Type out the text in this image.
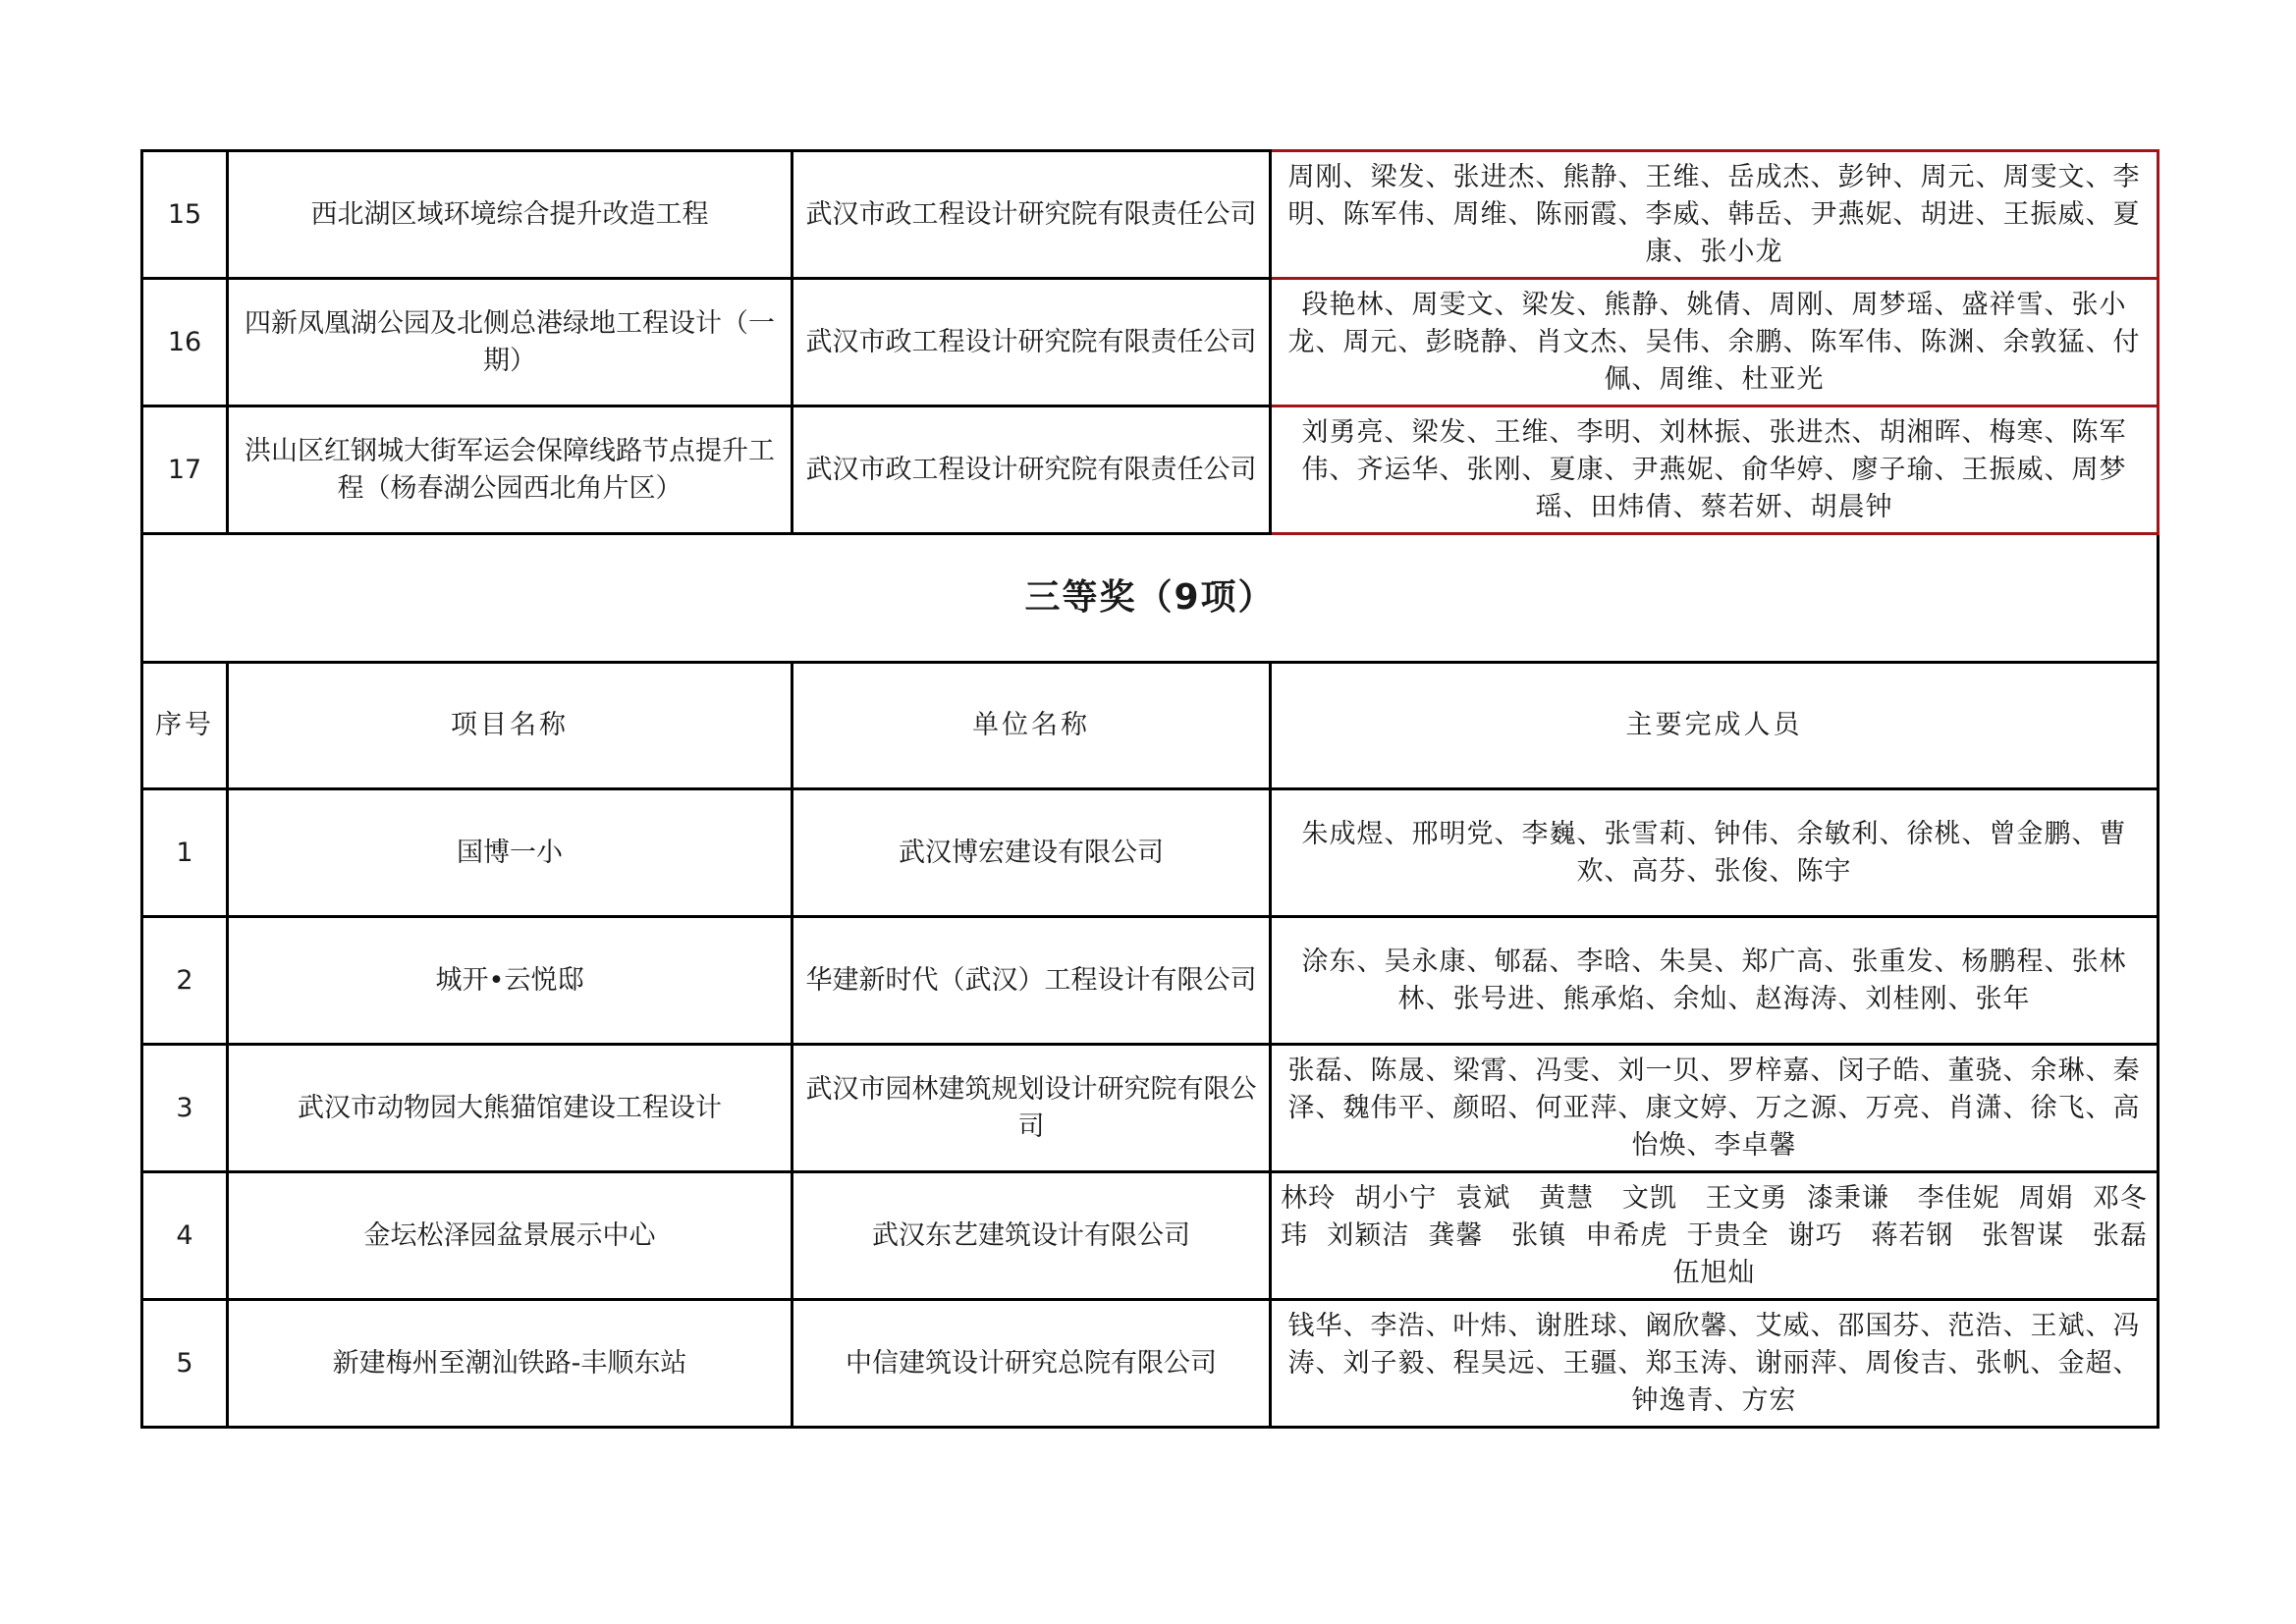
15	西北湖区域环境综合提升改造工程	武汉市政工程设计研究院有限责任公司	周刚、梁发、张进杰、熊静、王维、岳成杰、彭钟、周元、周雯文、李明、陈军伟、周维、陈丽霞、李威、韩岳、尹燕妮、胡进、王振威、夏康、张小龙
16	四新凤凰湖公园及北侧总港绿地工程设计（一期）	武汉市政工程设计研究院有限责任公司	段艳林、周雯文、梁发、熊静、姚倩、周刚、周梦瑶、盛祥雪、张小龙、周元、彭晓静、肖文杰、吴伟、余鹏、陈军伟、陈渊、余敦猛、付佩、周维、杜亚光
17	洪山区红钢城大街军运会保障线路节点提升工程（杨春湖公园西北角片区）	武汉市政工程设计研究院有限责任公司	刘勇亮、梁发、王维、李明、刘林振、张进杰、胡湘晖、梅寒、陈军伟、齐运华、张刚、夏康、尹燕妮、俞华婷、廖子瑜、王振威、周梦瑶、田炜倩、蔡若妍、胡晨钟
三等奖（9项）			
序号	项目名称	单位名称	主要完成人员
1	国博一小	武汉博宏建设有限公司	朱成煜、邢明党、李巍、张雪莉、钟伟、余敏利、徐桃、曾金鹏、曹欢、高芬、张俊、陈宇
2	城开•云悦邸	华建新时代（武汉）工程设计有限公司	涂东、吴永康、郇磊、李晗、朱昊、郑广高、张重发、杨鹏程、张林林、张号进、熊承焰、余灿、赵海涛、刘桂刚、张年
3	武汉市动物园大熊猫馆建设工程设计	武汉市园林建筑规划设计研究院有限公司	张磊、陈晟、梁霄、冯雯、刘一贝、罗梓嘉、闵子皓、董骁、余琳、秦泽、魏伟平、颜昭、何亚萍、康文婷、万之源、万亮、肖潇、徐飞、高怡焕、李卓馨
4	金坛松泽园盆景展示中心	武汉东艺建筑设计有限公司	林玲  胡小宁  袁斌   黄慧   文凯   王文勇  漆秉谦   李佳妮  周娟  邓冬玮  刘颖洁  龚馨   张镇  申希虎  于贵全  谢巧   蒋若钢   张智谋   张磊   伍旭灿
5	新建梅州至潮汕铁路-丰顺东站	中信建筑设计研究总院有限公司	钱华、李浩、叶炜、谢胜球、阚欣馨、艾威、邵国芬、范浩、王斌、冯涛、刘子毅、程昊远、王疆、郑玉涛、谢丽萍、周俊吉、张帆、金超、钟逸青、方宏
